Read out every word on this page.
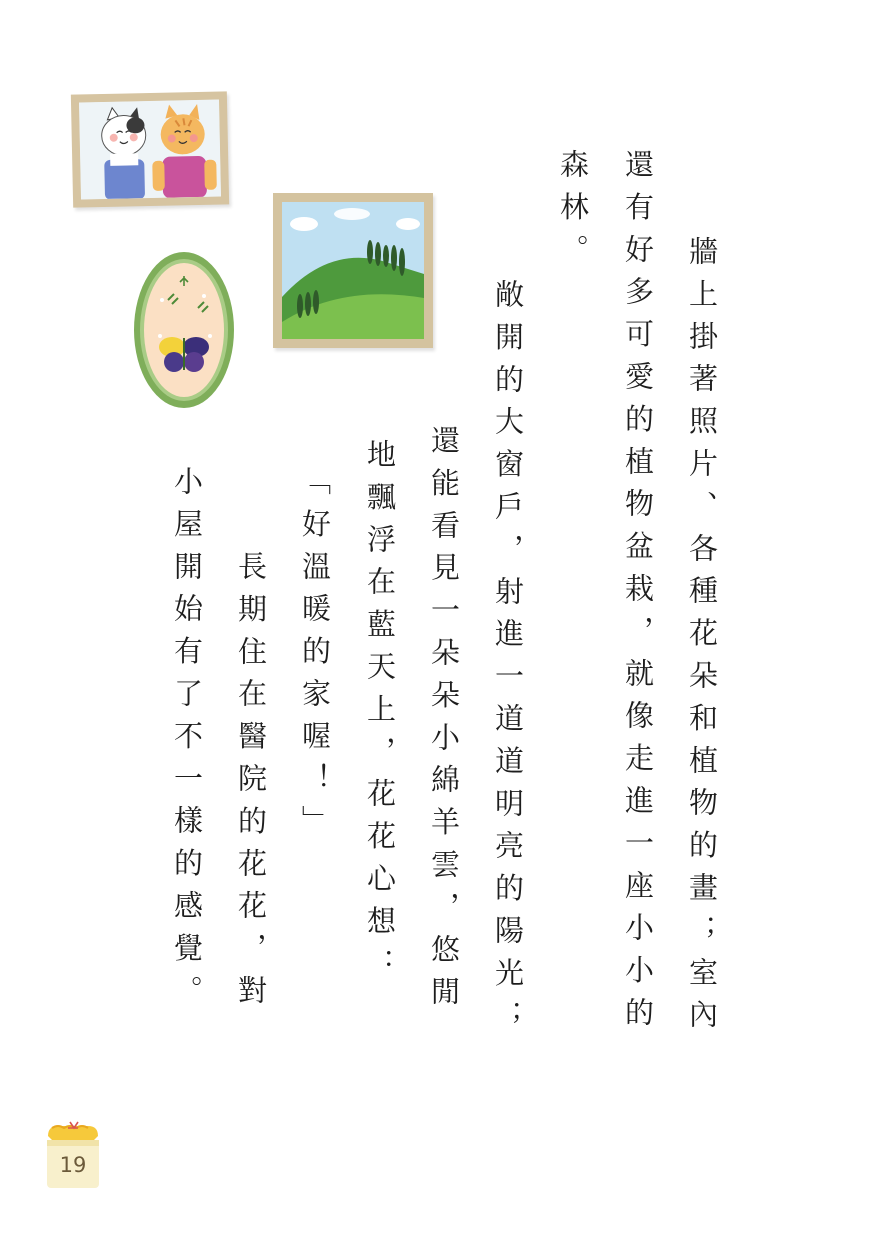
牆上掛著照片、各種花朵和植物的畫；室內
還有好多可愛的植物盆栽，就像走進一座小小的
森林。
敞開的大窗戶，射進一道道明亮的陽光；
還能看見一朵朵小綿羊雲，悠閒
地飄浮在藍天上，花花心想：
「好溫暖的家喔！」
長期住在醫院的花花，對
小屋開始有了不一樣的感覺。
19
